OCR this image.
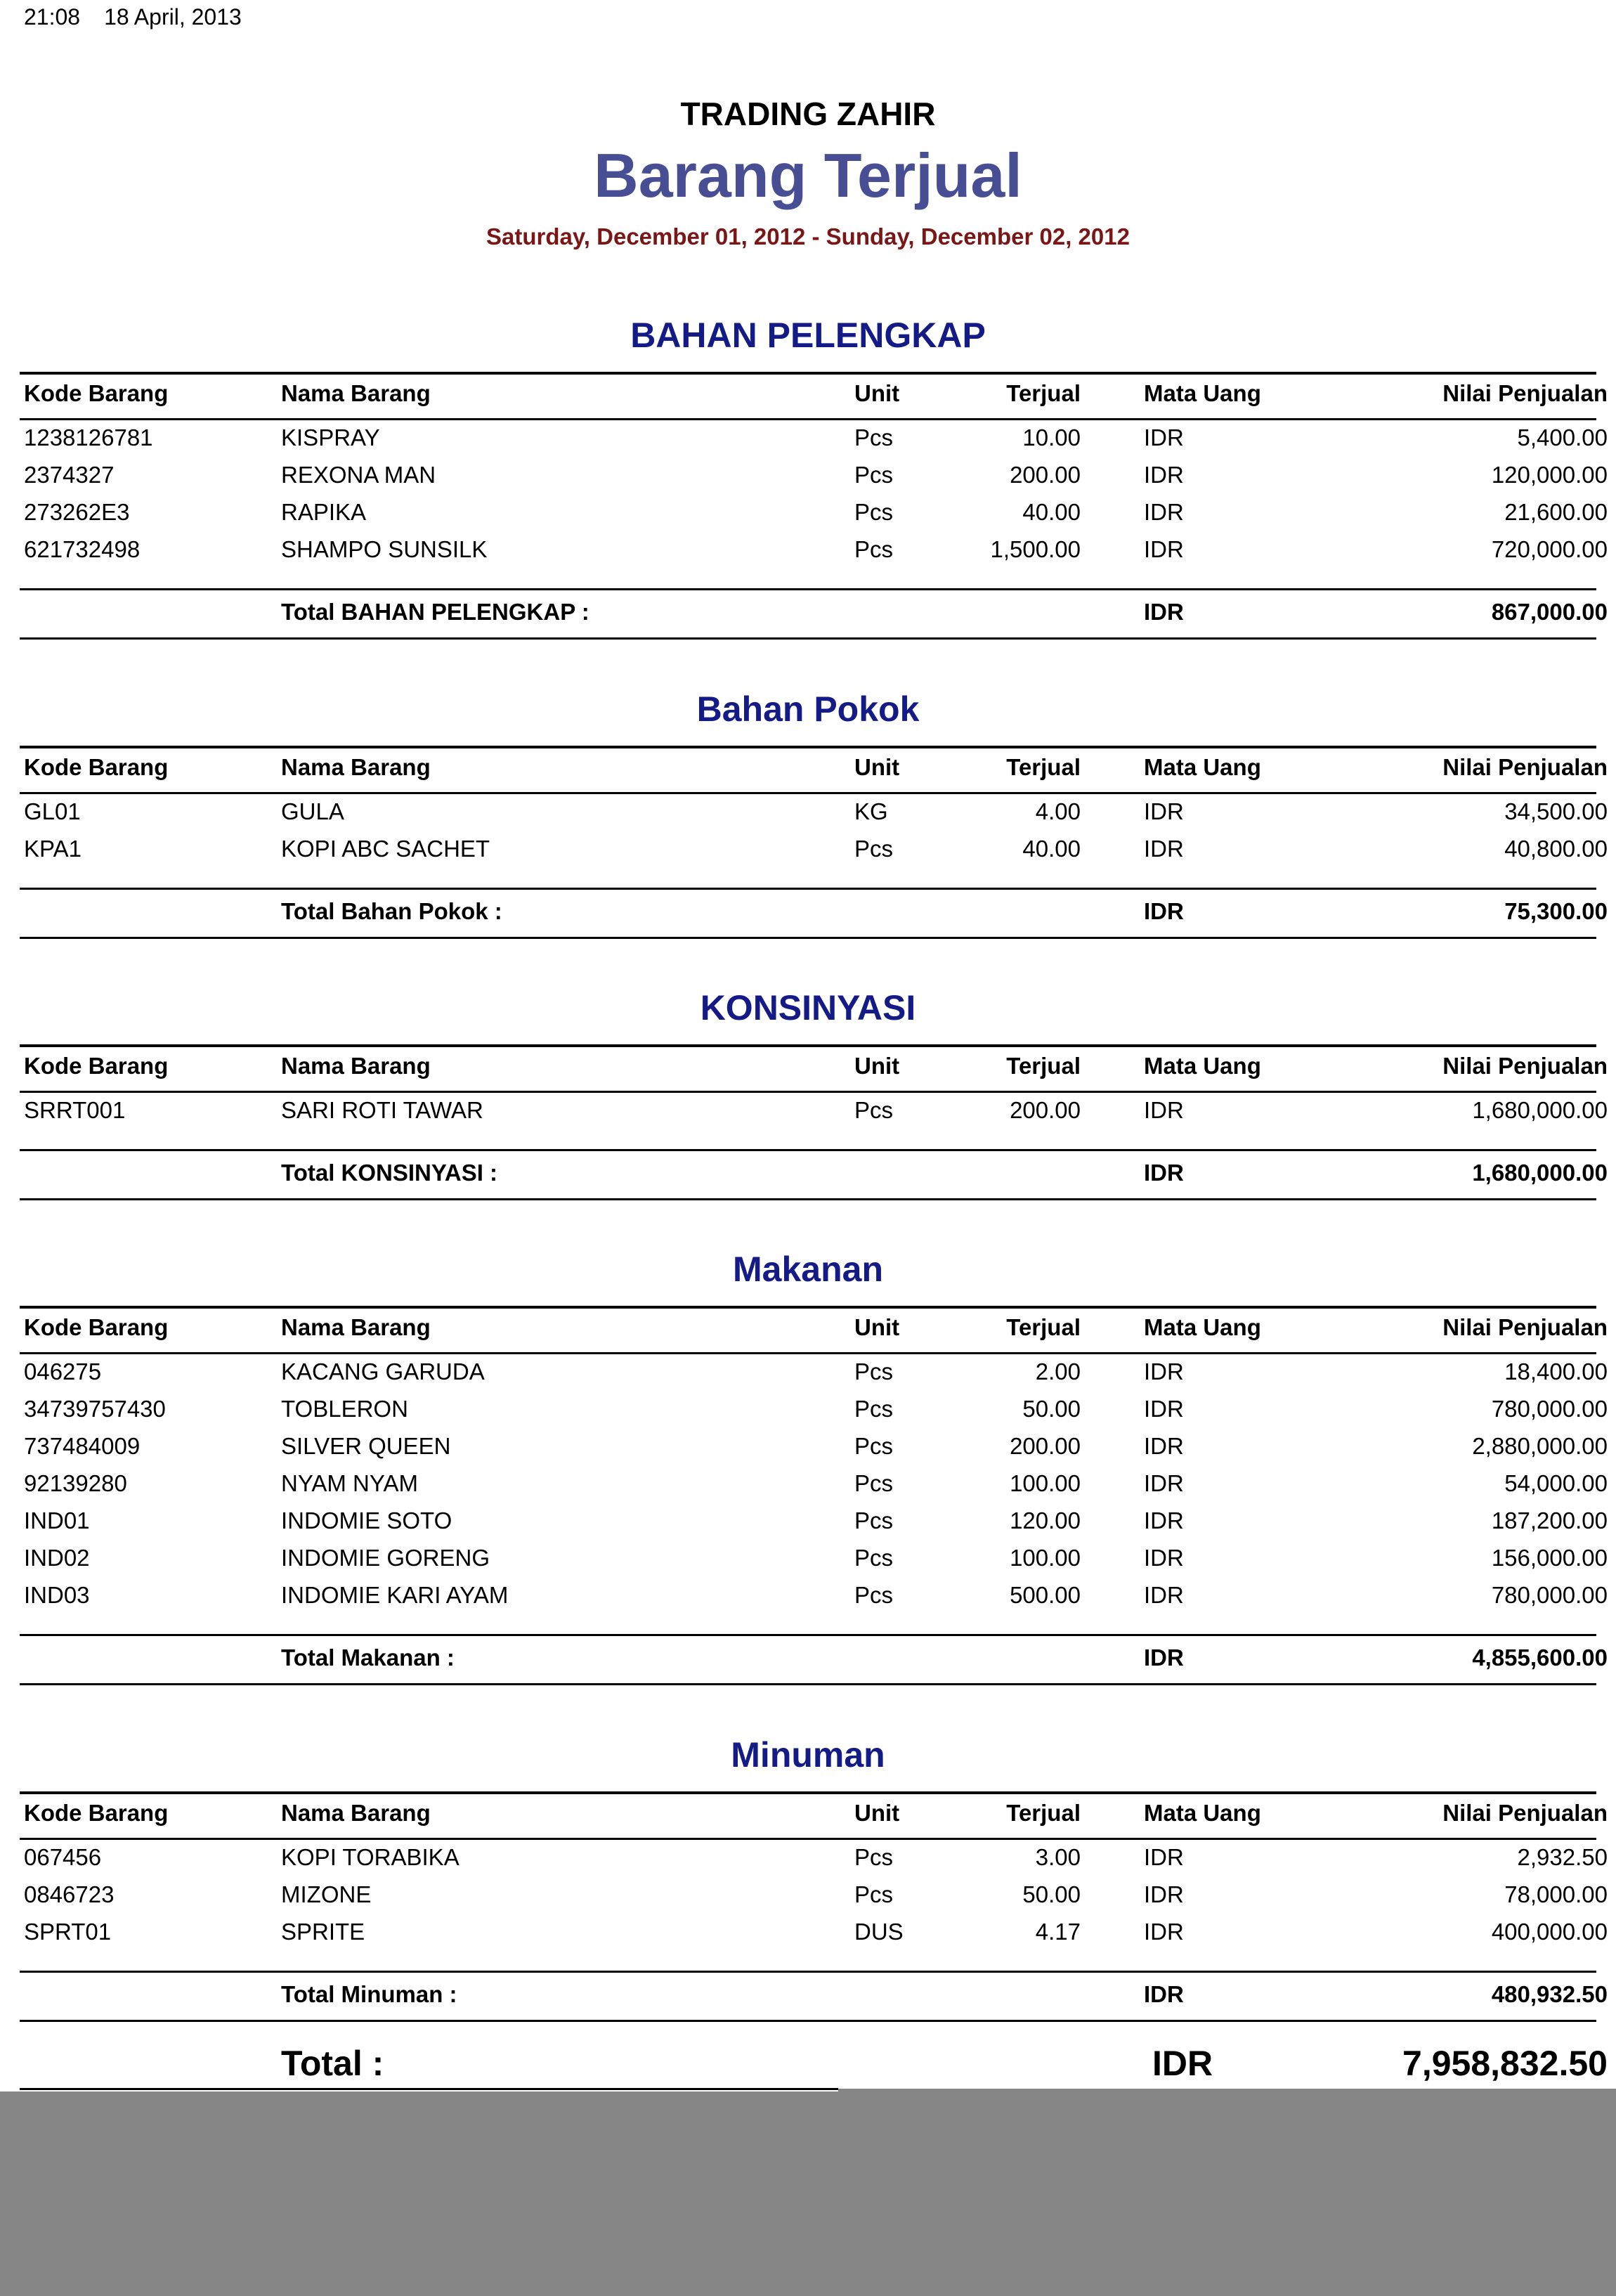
21:08 18 April, 2013
TRADING ZAHIR
Barang Terjual
Saturday, December 01, 2012 - Sunday, December 02, 2012
BAHAN PELENGKAP
Kode Barang	Nama Barang	Unit	Terjual	Mata Uang	Nilai Penjualan
1238126781	KISPRAY	Pcs	10.00	IDR	5,400.00
2374327	REXONA MAN	Pcs	200.00	IDR	120,000.00
273262E3	RAPIKA	Pcs	40.00	IDR	21,600.00
621732498	SHAMPO SUNSILK	Pcs	1,500.00	IDR	720,000.00
Total BAHAN PELENGKAP :	IDR	867,000.00
Bahan Pokok
Kode Barang	Nama Barang	Unit	Terjual	Mata Uang	Nilai Penjualan
GL01	GULA	KG	4.00	IDR	34,500.00
KPA1	KOPI ABC SACHET	Pcs	40.00	IDR	40,800.00
Total Bahan Pokok :	IDR	75,300.00
KONSINYASI
Kode Barang	Nama Barang	Unit	Terjual	Mata Uang	Nilai Penjualan
SRRT001	SARI ROTI TAWAR	Pcs	200.00	IDR	1,680,000.00
Total KONSINYASI :	IDR	1,680,000.00
Makanan
Kode Barang	Nama Barang	Unit	Terjual	Mata Uang	Nilai Penjualan
046275	KACANG GARUDA	Pcs	2.00	IDR	18,400.00
34739757430	TOBLERON	Pcs	50.00	IDR	780,000.00
737484009	SILVER QUEEN	Pcs	200.00	IDR	2,880,000.00
92139280	NYAM NYAM	Pcs	100.00	IDR	54,000.00
IND01	INDOMIE SOTO	Pcs	120.00	IDR	187,200.00
IND02	INDOMIE GORENG	Pcs	100.00	IDR	156,000.00
IND03	INDOMIE KARI AYAM	Pcs	500.00	IDR	780,000.00
Total Makanan :	IDR	4,855,600.00
Minuman
Kode Barang	Nama Barang	Unit	Terjual	Mata Uang	Nilai Penjualan
067456	KOPI TORABIKA	Pcs	3.00	IDR	2,932.50
0846723	MIZONE	Pcs	50.00	IDR	78,000.00
SPRT01	SPRITE	DUS	4.17	IDR	400,000.00
Total Minuman :	IDR	480,932.50
Total :	IDR	7,958,832.50
